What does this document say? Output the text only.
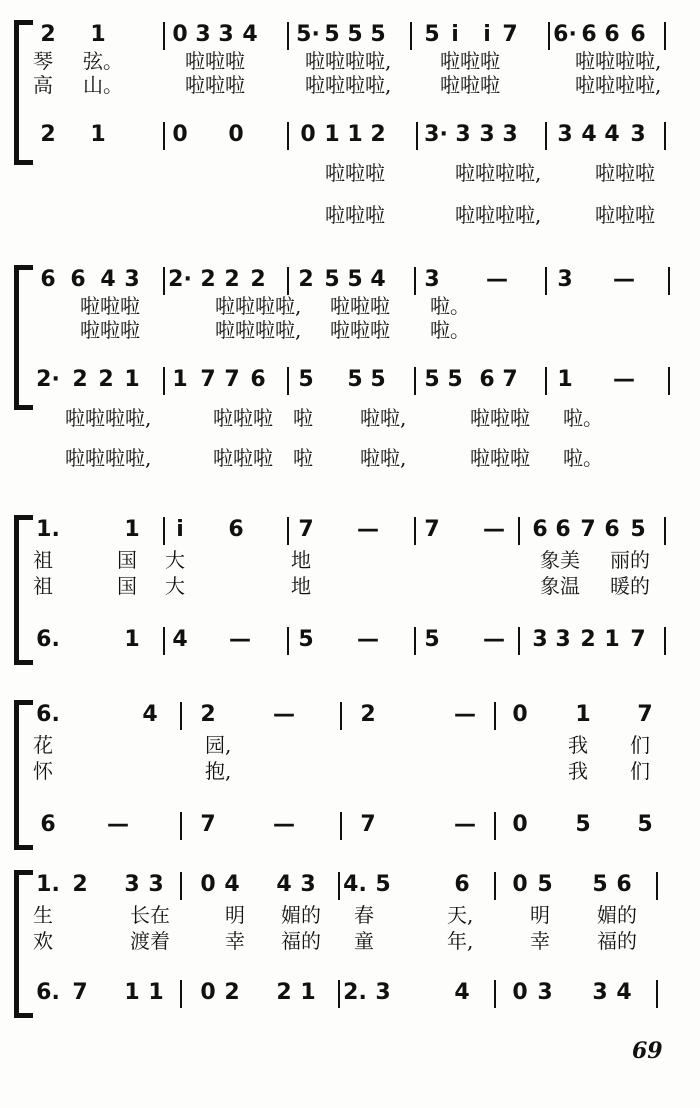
2	1	0 3 3 4	5· 5 5 5	5 i	i 7	6· 6 6 6
琴 弦。	啦啦啦	啦啦啦啦, 啦啦啦	啦啦啦啦,
高 山。	啦啦啦	啦啦啦啦, 啦啦啦	啦啦啦啦,
2	1	0	0	0 1 1 2	3· 3 3 3	3 4 4 3
啦啦啦	啦啦啦啦,	啦啦啦
啦啦啦	啦啦啦啦,	啦啦啦
6 6 4 3	2· 2 2 2	2 5 5 4	3	—	3	—
啦啦啦	啦啦啦啦, 啦啦啦 啦。
啦啦啦	啦啦啦啦, 啦啦啦 啦。
2· 2 2 1	1 7 7 6	5	5 5	5 5 6 7	1	—
啦啦啦啦,	啦啦啦 啦 啦啦,	啦啦啦 啦。
啦啦啦啦,	啦啦啦 啦 啦啦,	啦啦啦 啦。
1.	1	i	6	7	—	7	—	6 6 7 6 5
祖	国 大	地	象美 丽的
祖	国 大	地	象温 暖的
6.	1	4	—	5	—	5	—	3 3 2 1 7
6.	4	2	—	2	—	0	1	7
花	园,	我 们
怀	抱,	我 们
6	—	7	—	7	—	0	5	5
1. 2	3 3	0 4	4 3	4. 5	6	0 5	5 6
生	长在	明 媚的 春	天,	明 媚的
欢	渡着	幸 福的 童	年,	幸 福的
6. 7	1 1	0 2	2 1	2. 3	4	0 3	3 4
69
